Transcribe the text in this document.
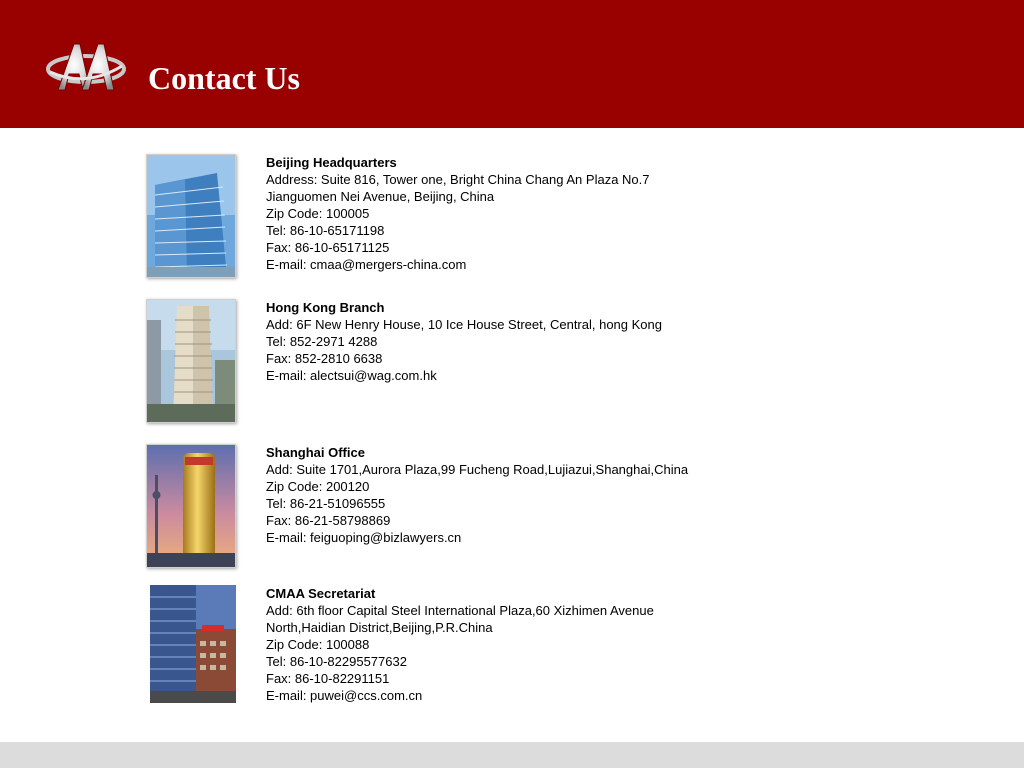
Contact Us
Beijing Headquarters
Address: Suite 816, Tower one, Bright China Chang An Plaza No.7
Jianguomen Nei Avenue, Beijing, China
Zip Code: 100005
Tel: 86-10-65171198
Fax: 86-10-65171125
E-mail: cmaa@mergers-china.com
Hong Kong Branch
Add: 6F New Henry House, 10 Ice House Street, Central, hong Kong
Tel: 852-2971 4288
Fax: 852-2810 6638
E-mail: alectsui@wag.com.hk
Shanghai Office
Add: Suite 1701,Aurora Plaza,99 Fucheng Road,Lujiazui,Shanghai,China
Zip Code: 200120
Tel: 86-21-51096555
Fax: 86-21-58798869
E-mail: feiguoping@bizlawyers.cn
CMAA Secretariat
Add: 6th floor Capital Steel International Plaza,60 Xizhimen Avenue
North,Haidian District,Beijing,P.R.China
Zip Code: 100088
Tel: 86-10-82295577632
Fax: 86-10-82291151
E-mail: puwei@ccs.com.cn
